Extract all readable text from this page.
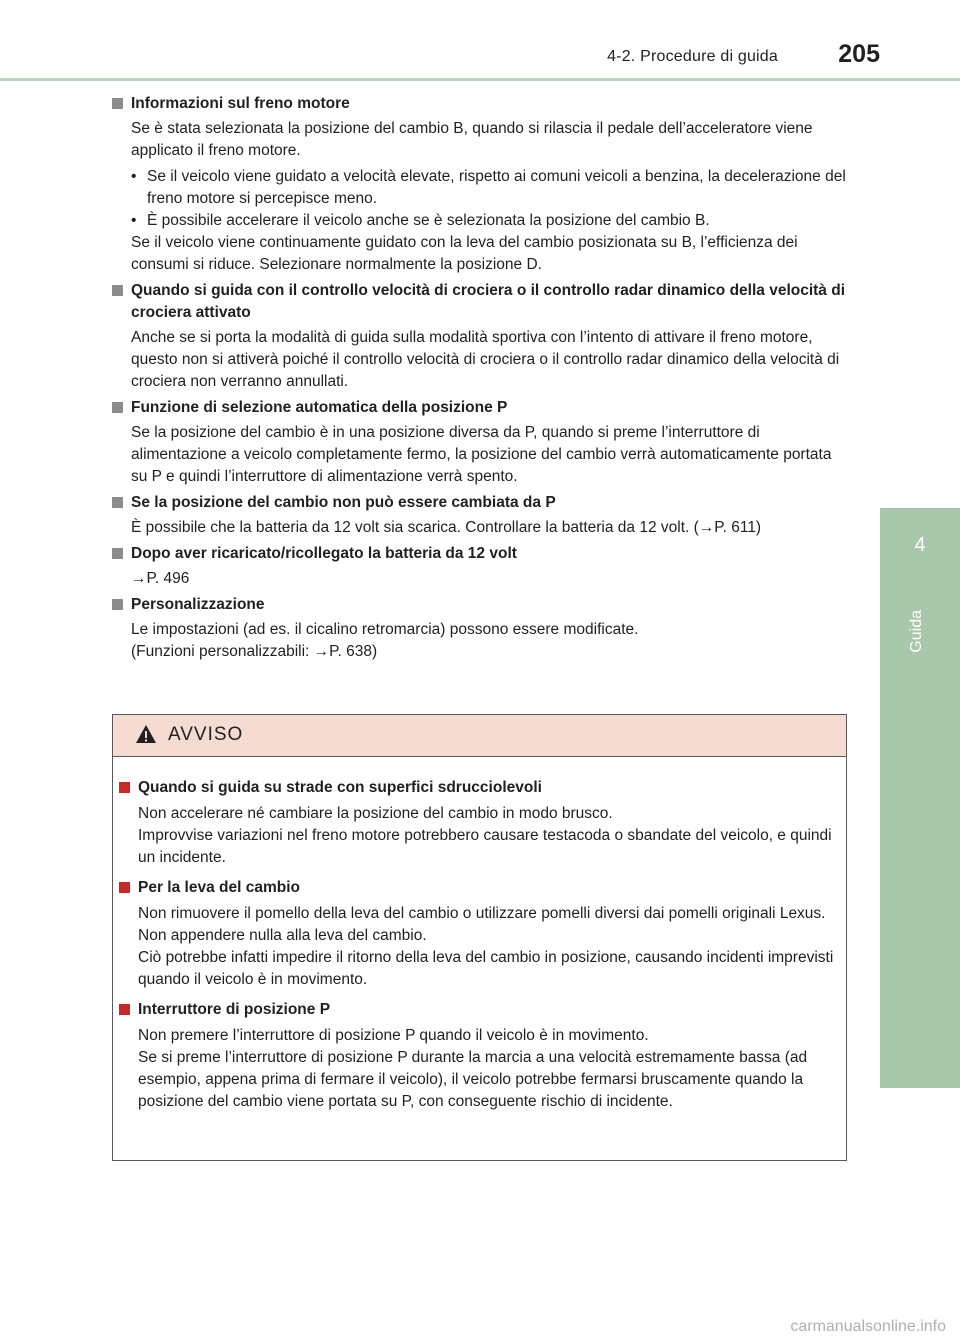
4-2. Procedure di guida 205
4
Guida
Informazioni sul freno motore
Se è stata selezionata la posizione del cambio B, quando si rilascia il pedale dell’acceleratore viene applicato il freno motore.
• Se il veicolo viene guidato a velocità elevate, rispetto ai comuni veicoli a benzina, la decelerazione del freno motore si percepisce meno.
• È possibile accelerare il veicolo anche se è selezionata la posizione del cambio B.
Se il veicolo viene continuamente guidato con la leva del cambio posizionata su B, l’efficienza dei consumi si riduce. Selezionare normalmente la posizione D.
Quando si guida con il controllo velocità di crociera o il controllo radar dinamico della velocità di crociera attivato
Anche se si porta la modalità di guida sulla modalità sportiva con l’intento di attivare il freno motore, questo non si attiverà poiché il controllo velocità di crociera o il controllo radar dinamico della velocità di crociera non verranno annullati.
Funzione di selezione automatica della posizione P
Se la posizione del cambio è in una posizione diversa da P, quando si preme l’interruttore di alimentazione a veicolo completamente fermo, la posizione del cambio verrà automaticamente portata su P e quindi l’interruttore di alimentazione verrà spento.
Se la posizione del cambio non può essere cambiata da P
È possibile che la batteria da 12 volt sia scarica. Controllare la batteria da 12 volt. (→P. 611)
Dopo aver ricaricato/ricollegato la batteria da 12 volt
→P. 496
Personalizzazione
Le impostazioni (ad es. il cicalino retromarcia) possono essere modificate.
(Funzioni personalizzabili: →P. 638)
AVVISO
Quando si guida su strade con superfici sdrucciolevoli
Non accelerare né cambiare la posizione del cambio in modo brusco.
Improvvise variazioni nel freno motore potrebbero causare testacoda o sbandate del veicolo, e quindi un incidente.
Per la leva del cambio
Non rimuovere il pomello della leva del cambio o utilizzare pomelli diversi dai pomelli originali Lexus. Non appendere nulla alla leva del cambio.
Ciò potrebbe infatti impedire il ritorno della leva del cambio in posizione, causando incidenti imprevisti quando il veicolo è in movimento.
Interruttore di posizione P
Non premere l’interruttore di posizione P quando il veicolo è in movimento.
Se si preme l’interruttore di posizione P durante la marcia a una velocità estremamente bassa (ad esempio, appena prima di fermare il veicolo), il veicolo potrebbe fermarsi bruscamente quando la posizione del cambio viene portata su P, con conseguente rischio di incidente.
carmanualsonline.info
